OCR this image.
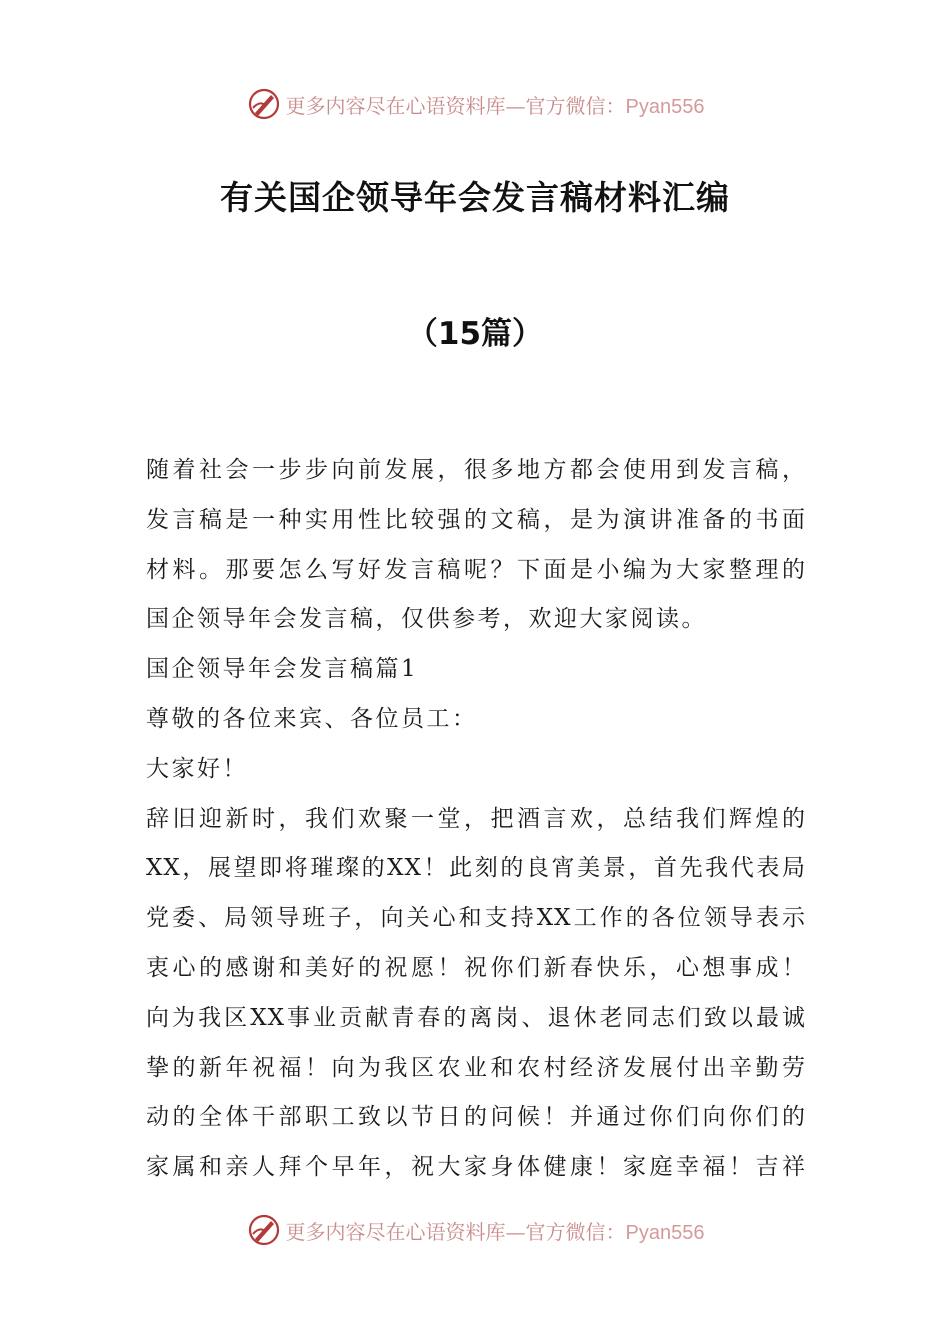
更多内容尽在心语资料库—官方微信：Pyan556
有关国企领导年会发言稿材料汇编
（15篇）
随着社会一步步向前发展，很多地方都会使用到发言稿，
发言稿是一种实用性比较强的文稿，是为演讲准备的书面
材料。那要怎么写好发言稿呢？下面是小编为大家整理的
国企领导年会发言稿，仅供参考，欢迎大家阅读。
国企领导年会发言稿篇1
尊敬的各位来宾、各位员工：
大家好！
辞旧迎新时，我们欢聚一堂，把酒言欢，总结我们辉煌的
XX，展望即将璀璨的XX！此刻的良宵美景，首先我代表局
党委、局领导班子，向关心和支持XX工作的各位领导表示
衷心的感谢和美好的祝愿！祝你们新春快乐，心想事成！
向为我区XX事业贡献青春的离岗、退休老同志们致以最诚
挚的新年祝福！向为我区农业和农村经济发展付出辛勤劳
动的全体干部职工致以节日的问候！并通过你们向你们的
家属和亲人拜个早年，祝大家身体健康！家庭幸福！吉祥
更多内容尽在心语资料库—官方微信：Pyan556
